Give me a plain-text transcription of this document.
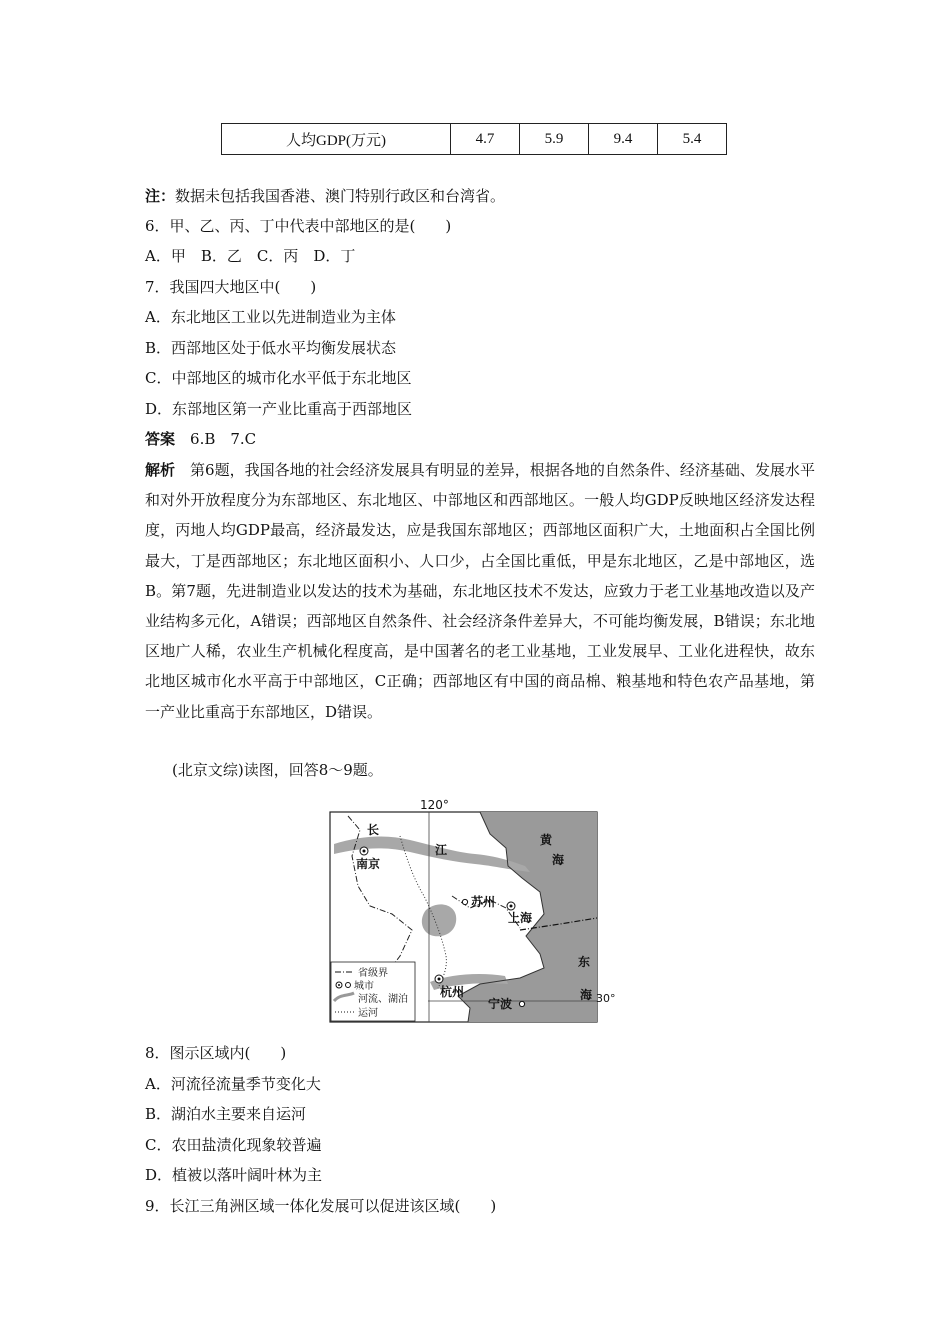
人均GDP(万元)	4.7	5.9	9.4	5.4
注：数据未包括我国香港、澳门特别行政区和台湾省。
6．甲、乙、丙、丁中代表中部地区的是(　　)
A．甲　B．乙　C．丙　D．丁
7．我国四大地区中(　　)
A．东北地区工业以先进制造业为主体
B．西部地区处于低水平均衡发展状态
C．中部地区的城市化水平低于东北地区
D．东部地区第一产业比重高于西部地区
答案　 6.B　7.C
解析　 第6题，我国各地的社会经济发展具有明显的差异，根据各地的自然条件、经济基础、发展水平和对外开放程度分为东部地区、东北地区、中部地区和西部地区。一般人均GDP反映地区经济发达程度，丙地人均GDP最高，经济最发达，应是我国东部地区；西部地区面积广大，土地面积占全国比例最大，丁是西部地区；东北地区面积小、人口少，占全国比重低，甲是东北地区，乙是中部地区，选B。第7题，先进制造业以发达的技术为基础，东北地区技术不发达，应致力于老工业基地改造以及产业结构多元化，A错误；西部地区自然条件、社会经济条件差异大，不可能均衡发展，B错误；东北地区地广人稀，农业生产机械化程度高，是中国著名的老工业基地，工业发展早、工业化进程快，故东北地区城市化水平高于中部地区，C正确；西部地区有中国的商品棉、粮基地和特色农产品基地，第一产业比重高于东部地区，D错误。
(北京文综)读图，回答8～9题。
120°
长
江
黄
海
东
海 30°
南京
苏州
上海
杭州
宁波
省级界
城市
河流、湖泊
运河
8．图示区域内(　　)
A．河流径流量季节变化大
B．湖泊水主要来自运河
C．农田盐渍化现象较普遍
D．植被以落叶阔叶林为主
9．长江三角洲区域一体化发展可以促进该区域(　　)
